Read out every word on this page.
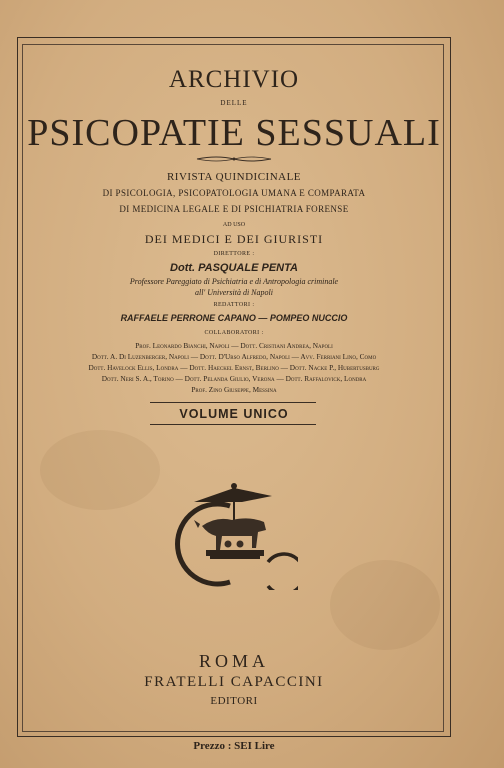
ARCHIVIO
DELLE
PSICOPATIE SESSUALI
RIVISTA QUINDICINALE
DI PSICOLOGIA, PSICOPATOLOGIA UMANA E COMPARATA
DI MEDICINA LEGALE E DI PSICHIATRIA FORENSE
AD USO
DEI MEDICI E DEI GIURISTI
DIRETTORE :
Dott. PASQUALE PENTA
Professore Pareggiato di Psichiatria e di Antropologia criminale
all' Università di Napoli
REDATTORI :
RAFFAELE PERRONE CAPANO — POMPEO NUCCIO
COLLABORATORI :
Prof. Leonardo Bianchi, Napoli — Dott. Cristiani Andrea, Napoli
Dott. A. Di Luzenberger, Napoli — Dott. D'Urso Alfredo, Napoli — Avv. Ferriani Lino, Como
Dott. Havelock Ellis, Londra — Dott. Haeckel Ernst, Berlino — Dott. Nacke P., Hubertusburg
Dott. Neri S. A., Torino — Dott. Pelanda Giulio, Verona — Dott. Raffalovick, Londra
Prof. Zino Giuseppe, Messina
VOLUME UNICO
ROMA
FRATELLI CAPACCINI
EDITORI
Prezzo : SEI Lire
